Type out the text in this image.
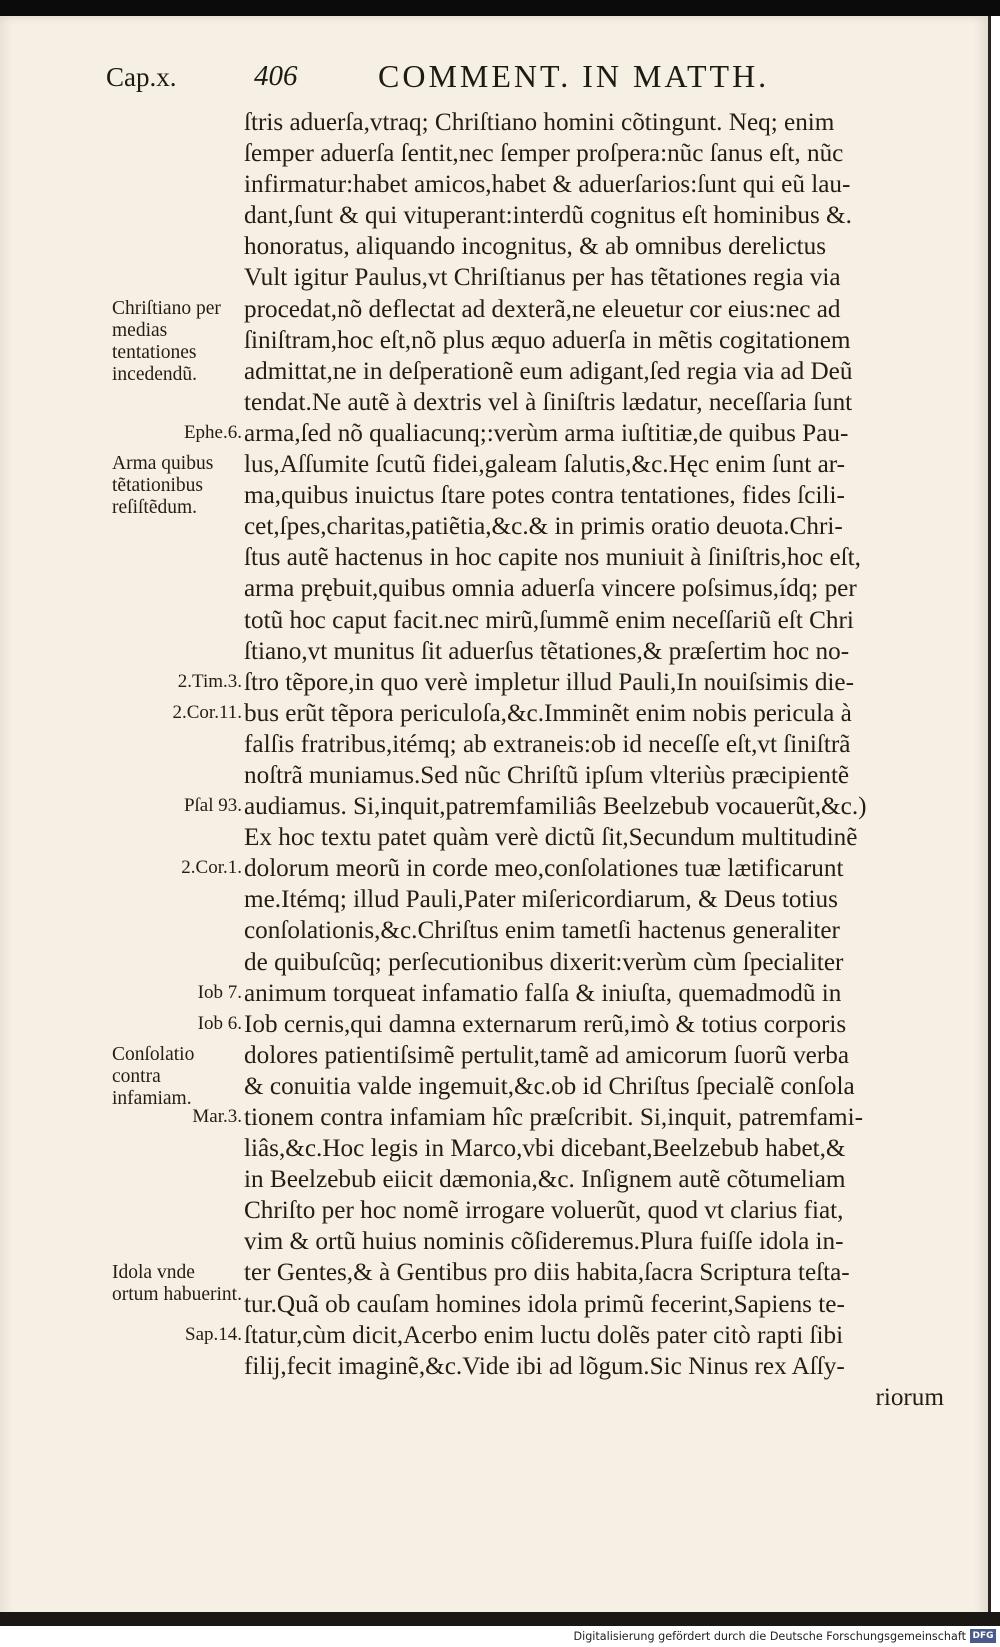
Cap.x.	406	COMMENT. IN MATTH.
Chriſtiano per medias tentationes incedendũ.
Ephe.6.
Arma quibus tẽtationibus reſiſtẽdum.
2.Tim.3.
2.Cor.11.
Pſal 93.
2.Cor.1.
Iob 7.
Iob 6.
Conſolatio contra infamiam.
Mar.3.
Idola vnde ortum habuerint.
Sap.14.
ſtris aduerſa,vtraq; Chriſtiano homini cõtingunt. Neq; enim
ſemper aduerſa ſentit,nec ſemper proſpera:nũc ſanus eſt, nũc
infirmatur:habet amicos,habet & aduerſarios:ſunt qui eũ lau-
dant,ſunt & qui vituperant:interdũ cognitus eſt hominibus &.
honoratus, aliquando incognitus, & ab omnibus derelictus
Vult igitur Paulus,vt Chriſtianus per has tẽtationes regia via
procedat,nõ deflectat ad dexterã,ne eleuetur cor eius:nec ad
ſiniſtram,hoc eſt,nõ plus æquo aduerſa in mẽtis cogitationem
admittat,ne in deſperationẽ eum adigant,ſed regia via ad Deũ
tendat.Ne autẽ à dextris vel à ſiniſtris lædatur, neceſſaria ſunt
arma,ſed nõ qualiacunq;:verùm arma iuſtitiæ,de quibus Pau-
lus,Aſſumite ſcutũ fidei,galeam ſalutis,&c.Hęc enim ſunt ar-
ma,quibus inuictus ſtare potes contra tentationes, fides ſcili-
cet,ſpes,charitas,patiẽtia,&c.& in primis oratio deuota.Chri-
ſtus autẽ hactenus in hoc capite nos muniuit à ſiniſtris,hoc eſt,
arma prębuit,quibus omnia aduerſa vincere poſsimus,ídq; per
totũ hoc caput facit.nec mirũ,ſummẽ enim neceſſariũ eſt Chri
ſtiano,vt munitus ſit aduerſus tẽtationes,& præſertim hoc no-
ſtro tẽpore,in quo verè impletur illud Pauli,In nouiſsimis die-
bus erũt tẽpora periculoſa,&c.Imminẽt enim nobis pericula à
falſis fratribus,itémq; ab extraneis:ob id neceſſe eſt,vt ſiniſtrã
noſtrã muniamus.Sed nũc Chriſtũ ipſum vlteriùs præcipientẽ
audiamus. Si,inquit,patremfamiliâs Beelzebub vocauerũt,&c.)
Ex hoc textu patet quàm verè dictũ ſit,Secundum multitudinẽ
dolorum meorũ in corde meo,conſolationes tuæ lætificarunt
me.Itémq; illud Pauli,Pater miſericordiarum, & Deus totius
conſolationis,&c.Chriſtus enim tametſi hactenus generaliter
de quibuſcũq; perſecutionibus dixerit:verùm cùm ſpecialiter
animum torqueat infamatio falſa & iniuſta, quemadmodũ in
Iob cernis,qui damna externarum rerũ,imò & totius corporis
dolores patientiſsimẽ pertulit,tamẽ ad amicorum ſuorũ verba
& conuitia valde ingemuit,&c.ob id Chriſtus ſpecialẽ conſola
tionem contra infamiam hîc præſcribit. Si,inquit, patremfami-
liâs,&c.Hoc legis in Marco,vbi dicebant,Beelzebub habet,&
in Beelzebub eiicit dæmonia,&c. Inſignem autẽ cõtumeliam
Chriſto per hoc nomẽ irrogare voluerũt, quod vt clarius fiat,
vim & ortũ huius nominis cõſideremus.Plura fuiſſe idola in-
ter Gentes,& à Gentibus pro diis habita,ſacra Scriptura teſta-
tur.Quã ob cauſam homines idola primũ fecerint,Sapiens te-
ſtatur,cùm dicit,Acerbo enim luctu dolẽs pater citò rapti ſibi
filij,fecit imaginẽ,&c.Vide ibi ad lõgum.Sic Ninus rex Aſſy-
riorum
Digitalisierung gefördert durch die Deutsche Forschungsgemeinschaft DFG
